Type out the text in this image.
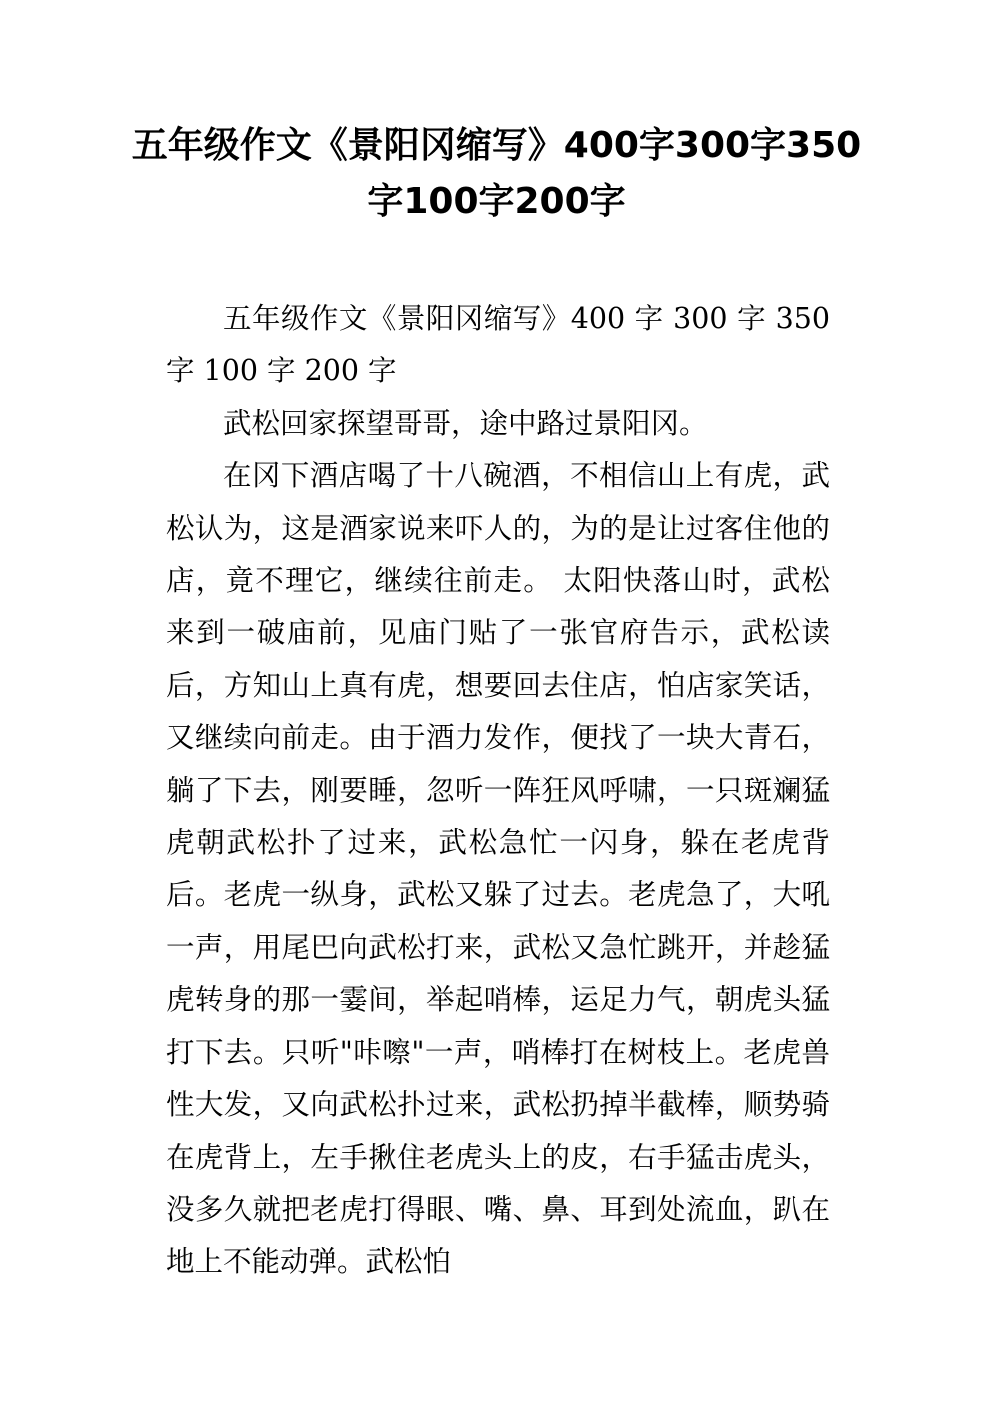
五年级作文《景阳冈缩写》400字300字350字100字200字

五年级作文《景阳冈缩写》400 字 300 字 350 字 100 字 200 字

武松回家探望哥哥，途中路过景阳冈。

在冈下酒店喝了十八碗酒，不相信山上有虎，武松认为，这是酒家说来吓人的，为的是让过客住他的店，竟不理它，继续往前走。 太阳快落山时，武松来到一破庙前，见庙门贴了一张官府告示，武松读后，方知山上真有虎，想要回去住店，怕店家笑话，又继续向前走。由于酒力发作，便找了一块大青石，躺了下去，刚要睡，忽听一阵狂风呼啸，一只斑斓猛虎朝武松扑了过来，武松急忙一闪身，躲在老虎背后。老虎一纵身，武松又躲了过去。老虎急了，大吼一声，用尾巴向武松打来，武松又急忙跳开，并趁猛虎转身的那一霎间，举起哨棒，运足力气，朝虎头猛打下去。只听"咔嚓"一声，哨棒打在树枝上。老虎兽性大发，又向武松扑过来，武松扔掉半截棒，顺势骑在虎背上，左手揪住老虎头上的皮，右手猛击虎头，没多久就把老虎打得眼、嘴、鼻、耳到处流血，趴在地上不能动弹。武松怕
